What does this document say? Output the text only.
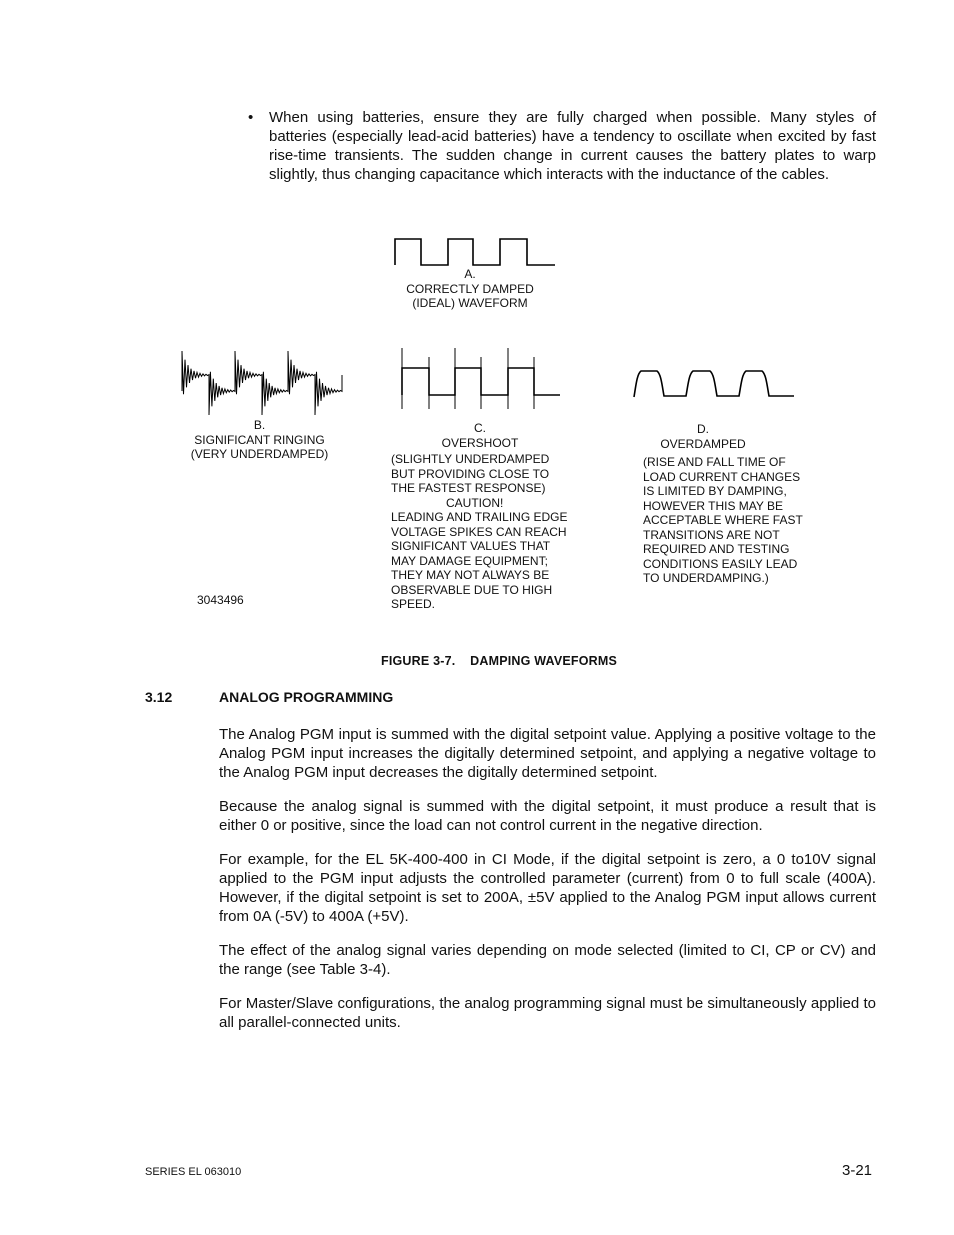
• When using batteries, ensure they are fully charged when possible. Many styles of batteries (especially lead-acid batteries) have a tendency to oscillate when excited by fast rise-time transients. The sudden change in current causes the battery plates to warp slightly, thus changing capacitance which interacts with the inductance of the cables.
A.
CORRECTLY DAMPED
(IDEAL) WAVEFORM
B.
SIGNIFICANT RINGING
(VERY UNDERDAMPED)
C.
OVERSHOOT
(SLIGHTLY UNDERDAMPED
BUT PROVIDING CLOSE TO
THE FASTEST RESPONSE)
CAUTION!
LEADING AND TRAILING EDGE
VOLTAGE SPIKES CAN REACH
SIGNIFICANT VALUES THAT
MAY DAMAGE EQUIPMENT;
THEY MAY NOT ALWAYS BE
OBSERVABLE DUE TO HIGH
SPEED.
D.
OVERDAMPED
(RISE AND FALL TIME OF
LOAD CURRENT CHANGES
IS LIMITED BY DAMPING,
HOWEVER THIS MAY BE
ACCEPTABLE WHERE FAST
TRANSITIONS ARE NOT
REQUIRED AND TESTING
CONDITIONS EASILY LEAD
TO UNDERDAMPING.)
3043496
FIGURE 3-7.    DAMPING WAVEFORMS
3.12	ANALOG PROGRAMMING
The Analog PGM input is summed with the digital setpoint value. Applying a positive voltage to the Analog PGM input increases the digitally determined setpoint, and applying a negative voltage to the Analog PGM input decreases the digitally determined setpoint.
Because the analog signal is summed with the digital setpoint, it must produce a result that is either 0 or positive, since the load can not control current in the negative direction.
For example, for the EL 5K-400-400 in CI Mode, if the digital setpoint is zero, a 0 to10V signal applied to the PGM input adjusts the controlled parameter (current) from 0 to full scale (400A). However, if the digital setpoint is set to 200A, ±5V applied to the Analog PGM input allows current from 0A (-5V) to 400A (+5V).
The effect of the analog signal varies depending on mode selected (limited to CI, CP or CV) and the range (see Table 3-4).
For Master/Slave configurations, the analog programming signal must be simultaneously applied to all parallel-connected units.
SERIES EL 063010	3-21
